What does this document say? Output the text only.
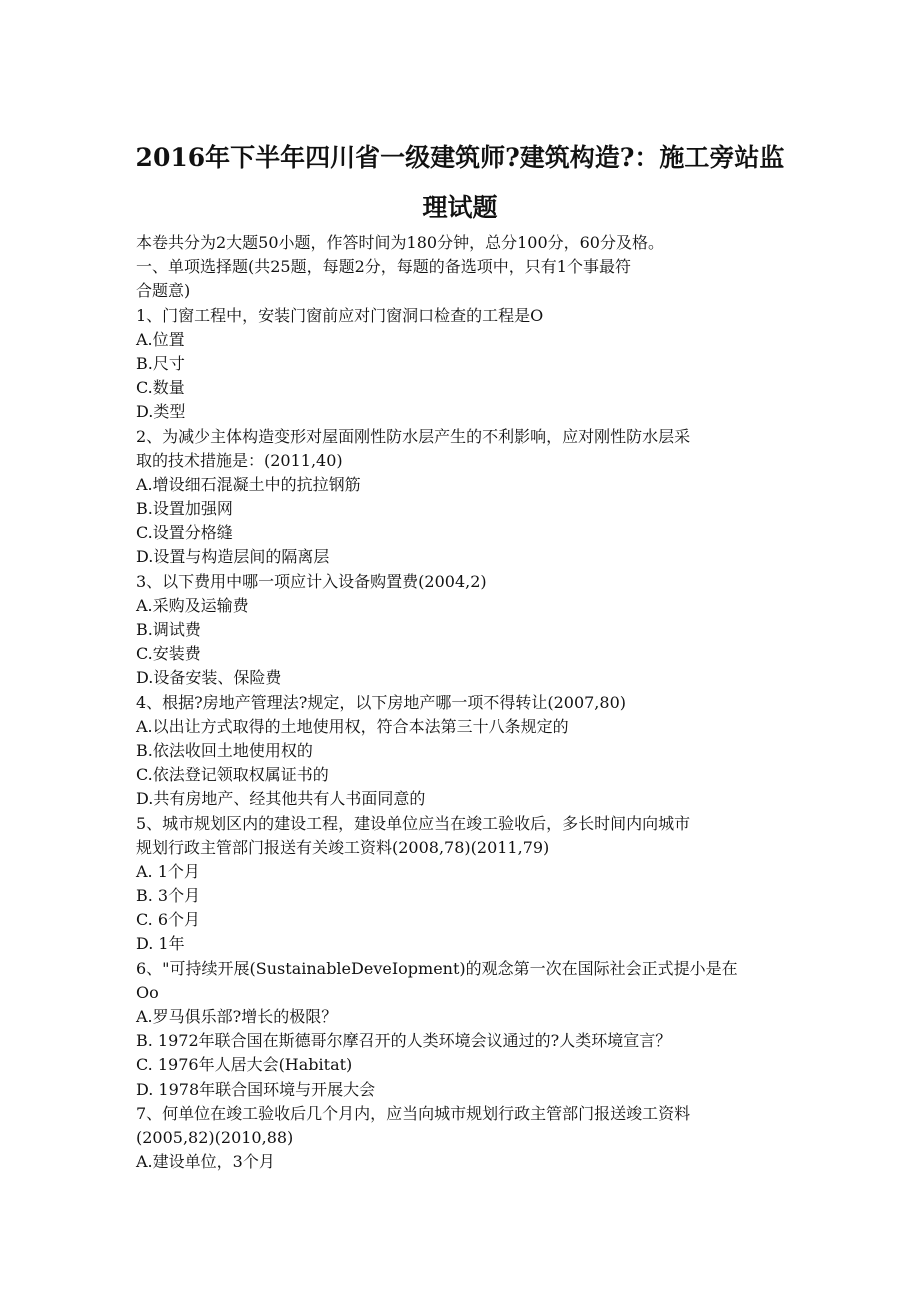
2016年下半年四川省一级建筑师?建筑构造?：施工旁站监
理试题
本卷共分为2大题50小题，作答时间为180分钟，总分100分，60分及格。
一、单项选择题(共25题，每题2分，每题的备选项中，只有1个事最符
合题意)
1、门窗工程中，安装门窗前应对门窗洞口检查的工程是O
A.位置
B.尺寸
C.数量
D.类型
2、为减少主体构造变形对屋面刚性防水层产生的不利影响，应对刚性防水层采
取的技术措施是：(2011,40)
A.增设细石混凝土中的抗拉钢筋
B.设置加强网
C.设置分格缝
D.设置与构造层间的隔离层
3、以下费用中哪一项应计入设备购置费(2004,2)
A.采购及运输费
B.调试费
C.安装费
D.设备安装、保险费
4、根据?房地产管理法?规定，以下房地产哪一项不得转让(2007,80)
A.以出让方式取得的土地使用权，符合本法第三十八条规定的
B.依法收回土地使用权的
C.依法登记领取权属证书的
D.共有房地产、经其他共有人书面同意的
5、城市规划区内的建设工程，建设单位应当在竣工验收后，多长时间内向城市
规划行政主管部门报送有关竣工资料(2008,78)(2011,79)
A. 1个月
B. 3个月
C. 6个月
D. 1年
6、"可持续开展(SustainableDeveIopment)的观念第一次在国际社会正式提小是在
Oo
A.罗马俱乐部?增长的极限？
B. 1972年联合国在斯德哥尔摩召开的人类环境会议通过的?人类环境宣言？
C. 1976年人居大会(Habitat)
D. 1978年联合国环境与开展大会
7、何单位在竣工验收后几个月内，应当向城市规划行政主管部门报送竣工资料
(2005,82)(2010,88)
A.建设单位，3个月
